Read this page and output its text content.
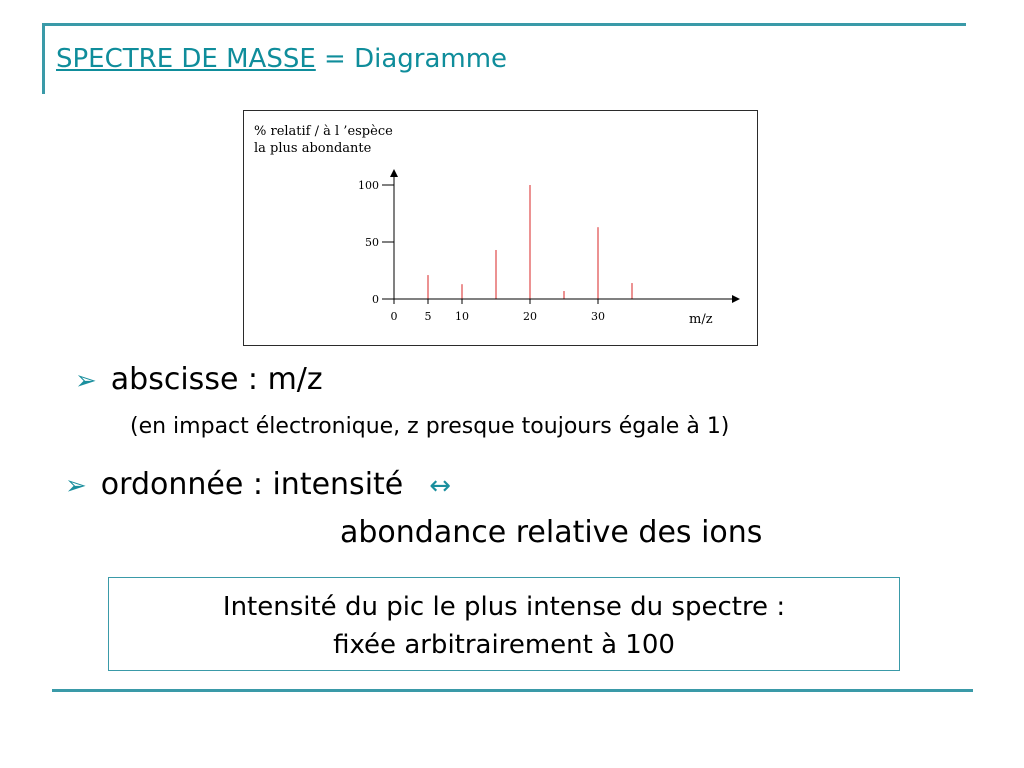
SPECTRE DE MASSE = Diagramme
% relatif / à l ’espèce
la plus abondante
0
50
100
0 5 10	20	30	m/z
➢ abscisse : m/z
(en impact électronique, z presque toujours égale à 1)
➢ ordonnée : intensité ↔
abondance relative des ions
Intensité du pic le plus intense du spectre :
fixée arbitrairement à 100
